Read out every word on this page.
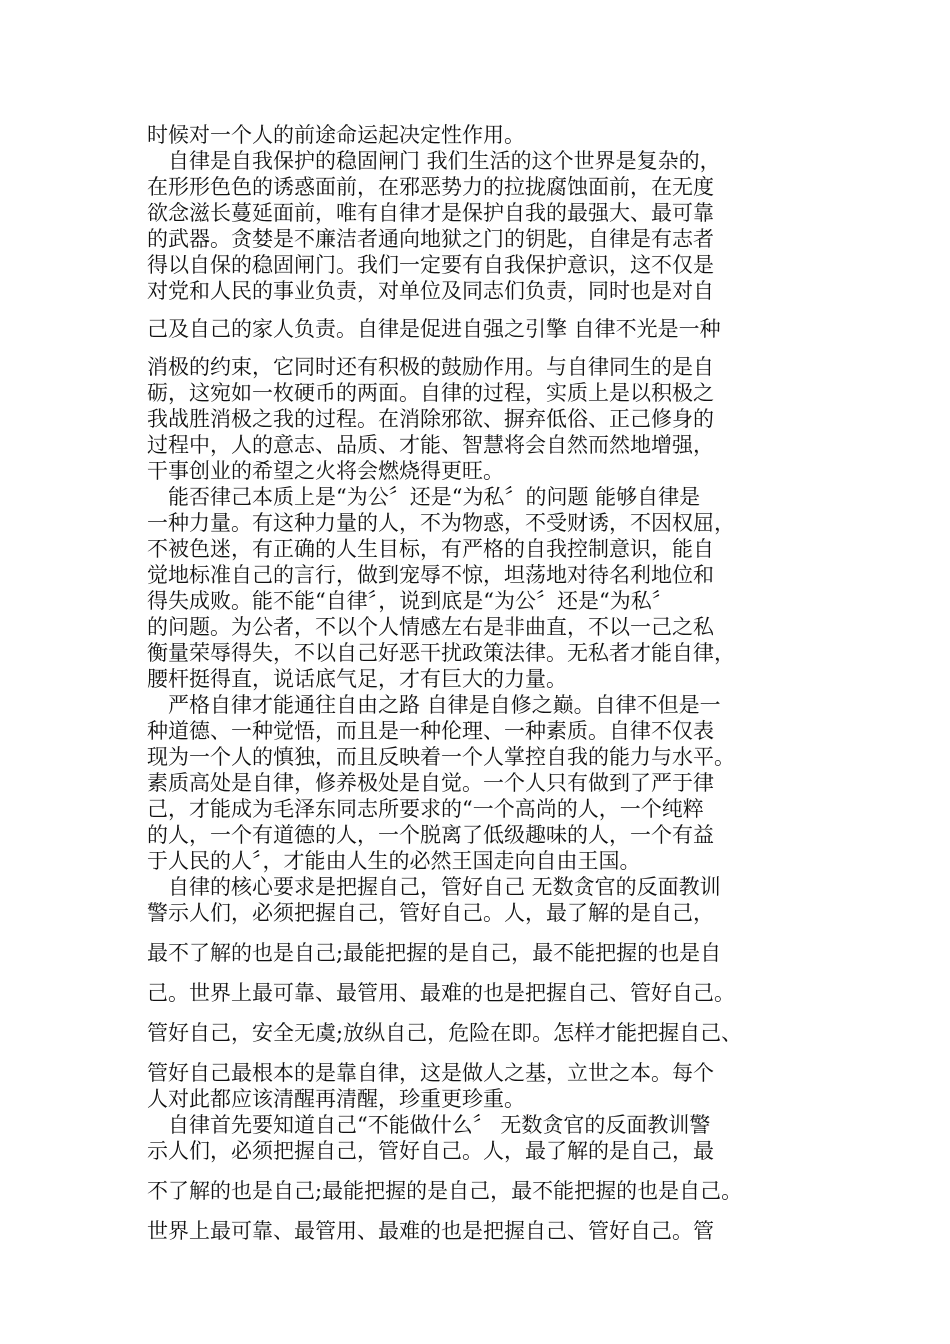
时候对一个人的前途命运起决定性作用。
　自律是自我保护的稳固闸门 我们生活的这个世界是复杂的，
在形形色色的诱惑面前，在邪恶势力的拉拢腐蚀面前，在无度
欲念滋长蔓延面前，唯有自律才是保护自我的最强大、最可靠
的武器。贪婪是不廉洁者通向地狱之门的钥匙，自律是有志者
得以自保的稳固闸门。我们一定要有自我保护意识，这不仅是
对党和人民的事业负责，对单位及同志们负责，同时也是对自
己及自己的家人负责。自律是促进自强之引擎 自律不光是一种
消极的约束，它同时还有积极的鼓励作用。与自律同生的是自
砺，这宛如一枚硬币的两面。自律的过程，实质上是以积极之
我战胜消极之我的过程。在消除邪欲、摒弃低俗、正己修身的
过程中，人的意志、品质、才能、智慧将会自然而然地增强，
干事创业的希望之火将会燃烧得更旺。
　能否律己本质上是“为公〞还是“为私〞的问题 能够自律是
一种力量。有这种力量的人，不为物惑，不受财诱，不因权屈，
不被色迷，有正确的人生目标，有严格的自我控制意识，能自
觉地标准自己的言行，做到宠辱不惊，坦荡地对待名利地位和
得失成败。能不能“自律〞，说到底是“为公〞还是“为私〞
的问题。为公者，不以个人情感左右是非曲直，不以一己之私
衡量荣辱得失，不以自己好恶干扰政策法律。无私者才能自律，
腰杆挺得直，说话底气足，才有巨大的力量。
　严格自律才能通往自由之路 自律是自修之巅。自律不但是一
种道德、一种觉悟，而且是一种伦理、一种素质。自律不仅表
现为一个人的慎独，而且反映着一个人掌控自我的能力与水平。
素质高处是自律，修养极处是自觉。一个人只有做到了严于律
己，才能成为毛泽东同志所要求的“一个高尚的人，一个纯粹
的人，一个有道德的人，一个脱离了低级趣味的人，一个有益
于人民的人〞，才能由人生的必然王国走向自由王国。
　自律的核心要求是把握自己，管好自己 无数贪官的反面教训
警示人们，必须把握自己，管好自己。人，最了解的是自己，
最不了解的也是自己;最能把握的是自己，最不能把握的也是自
己。世界上最可靠、最管用、最难的也是把握自己、管好自己。
管好自己，安全无虞;放纵自己，危险在即。怎样才能把握自己、
管好自己最根本的是靠自律，这是做人之基，立世之本。每个
人对此都应该清醒再清醒，珍重更珍重。
　自律首先要知道自己“不能做什么〞 无数贪官的反面教训警
示人们，必须把握自己，管好自己。人，最了解的是自己，最
不了解的也是自己;最能把握的是自己，最不能把握的也是自己。
世界上最可靠、最管用、最难的也是把握自己、管好自己。管
